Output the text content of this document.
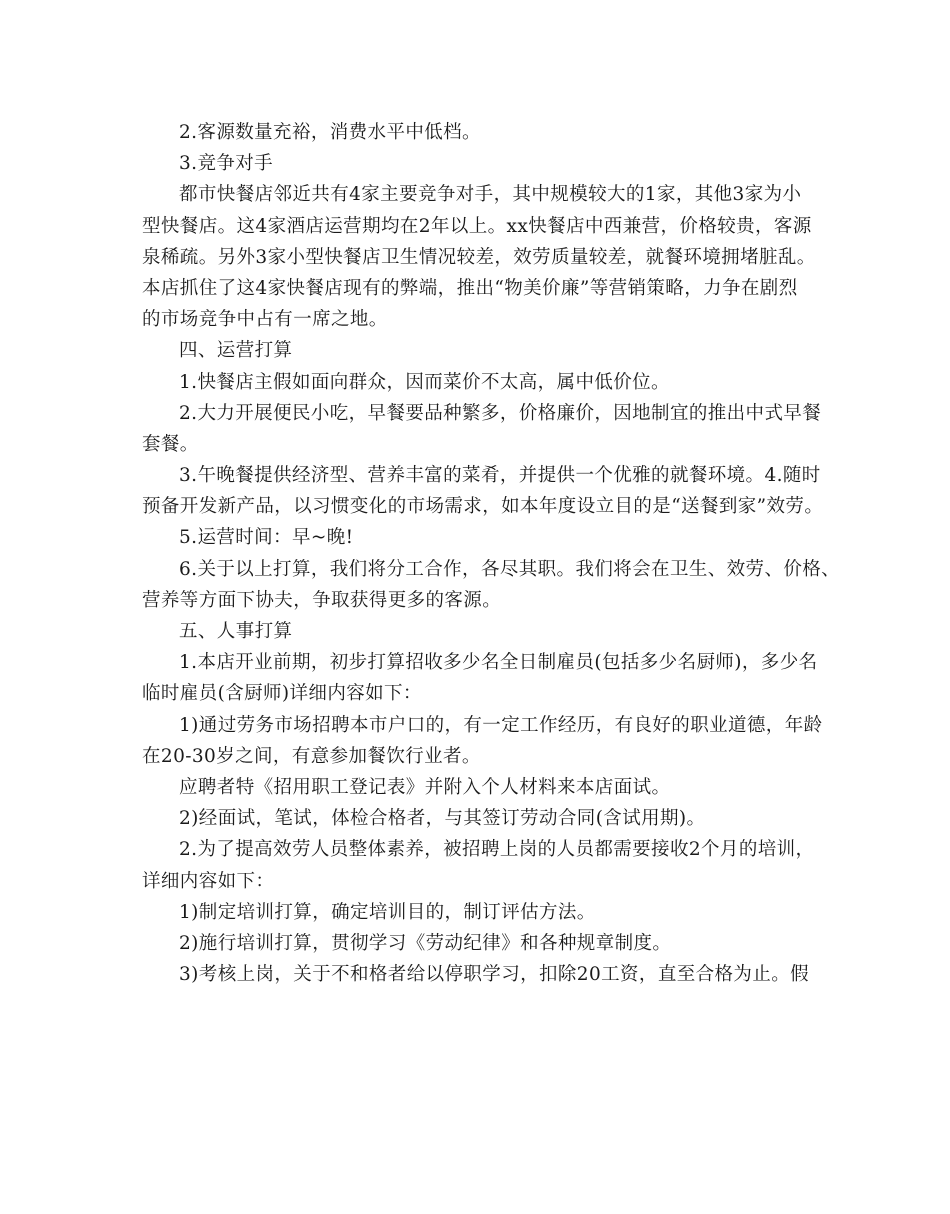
2.客源数量充裕，消费水平中低档。
3.竞争对手
都市快餐店邻近共有4家主要竞争对手，其中规模较大的1家，其他3家为小
型快餐店。这4家酒店运营期均在2年以上。xx快餐店中西兼营，价格较贵，客源
泉稀疏。另外3家小型快餐店卫生情况较差，效劳质量较差，就餐环境拥堵脏乱。
本店抓住了这4家快餐店现有的弊端，推出“物美价廉”等营销策略，力争在剧烈
的市场竞争中占有一席之地。
四、运营打算
1.快餐店主假如面向群众，因而菜价不太高，属中低价位。
2.大力开展便民小吃，早餐要品种繁多，价格廉价，因地制宜的推出中式早餐
套餐。
3.午晚餐提供经济型、营养丰富的菜肴，并提供一个优雅的就餐环境。4.随时
预备开发新产品，以习惯变化的市场需求，如本年度设立目的是“送餐到家”效劳。
5.运营时间：早~晚!
6.关于以上打算，我们将分工合作，各尽其职。我们将会在卫生、效劳、价格、
营养等方面下协夫，争取获得更多的客源。
五、人事打算
1.本店开业前期，初步打算招收多少名全日制雇员(包括多少名厨师)，多少名
临时雇员(含厨师)详细内容如下：
1)通过劳务市场招聘本市户口的，有一定工作经历，有良好的职业道德，年龄
在20-30岁之间，有意参加餐饮行业者。
应聘者特《招用职工登记表》并附入个人材料来本店面试。
2)经面试，笔试，体检合格者，与其签订劳动合同(含试用期)。
2.为了提高效劳人员整体素养，被招聘上岗的人员都需要接收2个月的培训，
详细内容如下：
1)制定培训打算，确定培训目的，制订评估方法。
2)施行培训打算，贯彻学习《劳动纪律》和各种规章制度。
3)考核上岗，关于不和格者给以停职学习，扣除20工资，直至合格为止。假
